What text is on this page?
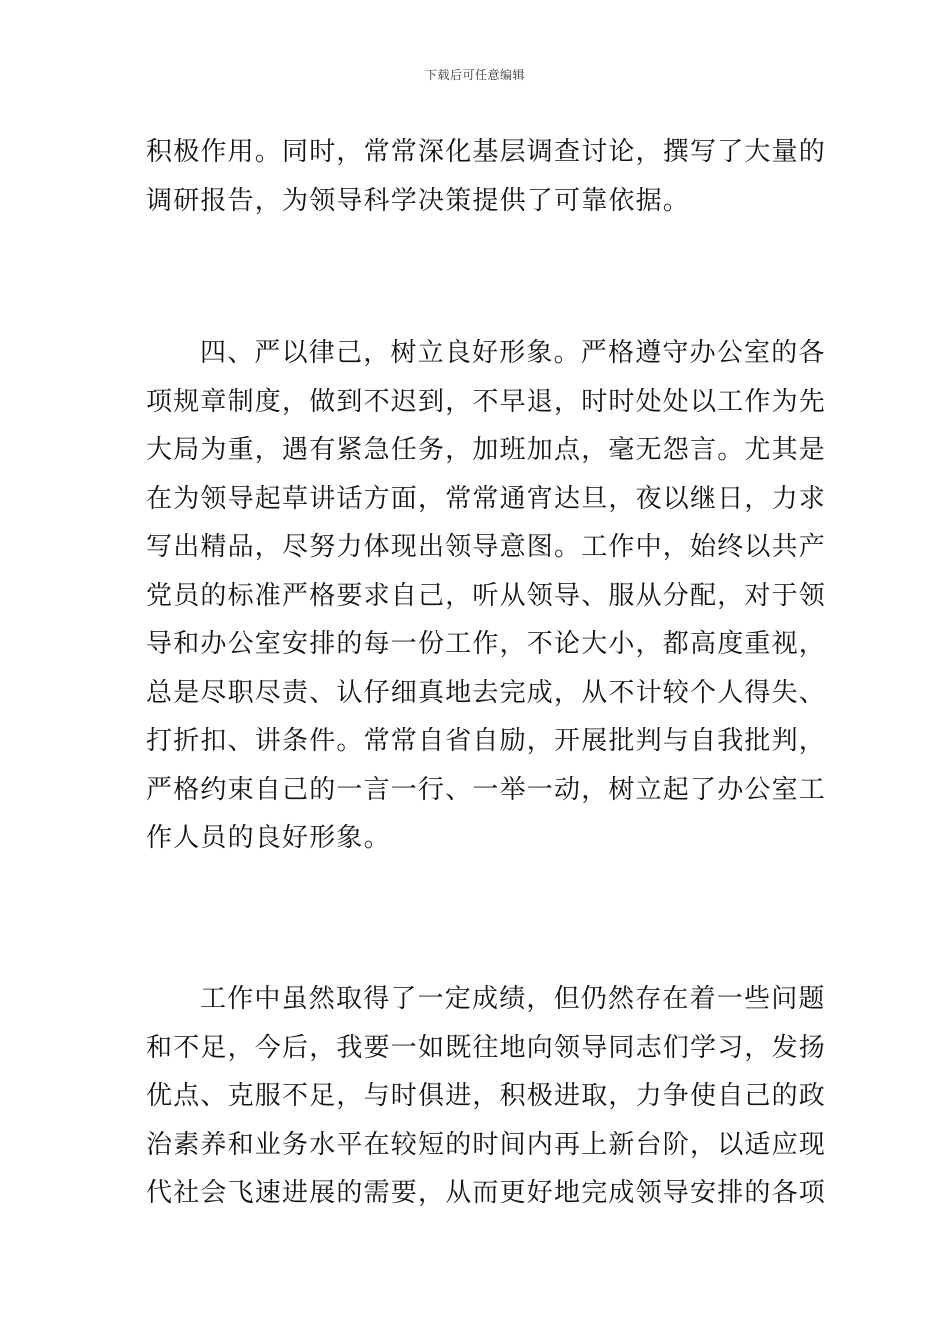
下载后可任意编辑

积极作用。同时，常常深化基层调查讨论，撰写了大量的
调研报告，为领导科学决策提供了可靠依据。

四、严以律己，树立良好形象。严格遵守办公室的各
项规章制度，做到不迟到，不早退，时时处处以工作为先
大局为重，遇有紧急任务，加班加点，毫无怨言。尤其是
在为领导起草讲话方面，常常通宵达旦，夜以继日，力求
写出精品，尽努力体现出领导意图。工作中，始终以共产
党员的标准严格要求自己，听从领导、服从分配，对于领
导和办公室安排的每一份工作，不论大小，都高度重视，
总是尽职尽责、认仔细真地去完成，从不计较个人得失、
打折扣、讲条件。常常自省自励，开展批判与自我批判，
严格约束自己的一言一行、一举一动，树立起了办公室工
作人员的良好形象。

工作中虽然取得了一定成绩，但仍然存在着一些问题
和不足，今后，我要一如既往地向领导同志们学习，发扬
优点、克服不足，与时俱进，积极进取，力争使自己的政
治素养和业务水平在较短的时间内再上新台阶，以适应现
代社会飞速进展的需要，从而更好地完成领导安排的各项
